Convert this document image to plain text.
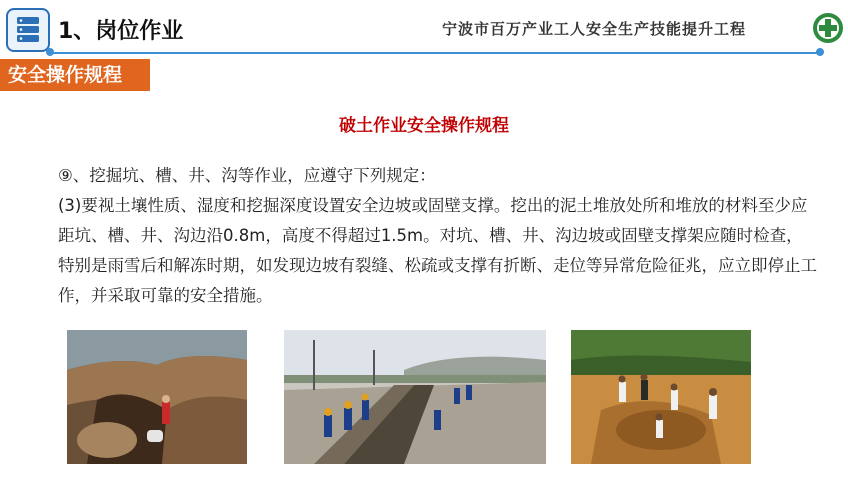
1、岗位作业	宁波市百万产业工人安全生产技能提升工程
安全操作规程
破土作业安全操作规程

⑨、挖掘坑、槽、井、沟等作业，应遵守下列规定：

(3)要视土壤性质、湿度和挖掘深度设置安全边坡或固壁支撑。挖出的泥土堆放处所和堆放的材料至少应距坑、槽、井、沟边沿0.8m，高度不得超过1.5m。对坑、槽、井、沟边坡或固壁支撑架应随时检查，特别是雨雪后和解冻时期，如发现边坡有裂缝、松疏或支撑有折断、走位等异常危险征兆，应立即停止工作，并采取可靠的安全措施。
